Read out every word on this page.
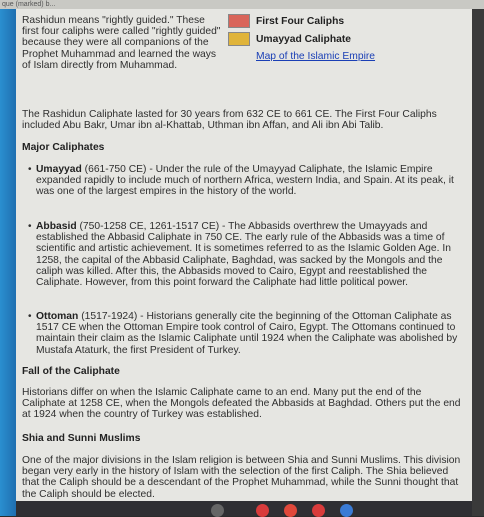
que (marked) b...
Rashidun means "rightly guided." These first four caliphs were called "rightly guided" because they were all companions of the Prophet Muhammad and learned the ways of Islam directly from Muhammad.
First Four Caliphs
Umayyad Caliphate
Map of the Islamic Empire
The Rashidun Caliphate lasted for 30 years from 632 CE to 661 CE. The First Four Caliphs included Abu Bakr, Umar ibn al-Khattab, Uthman ibn Affan, and Ali ibn Abi Talib.
Major Caliphates
• Umayyad (661-750 CE) - Under the rule of the Umayyad Caliphate, the Islamic Empire expanded rapidly to include much of northern Africa, western India, and Spain. At its peak, it was one of the largest empires in the history of the world.
• Abbasid (750-1258 CE, 1261-1517 CE) - The Abbasids overthrew the Umayyads and established the Abbasid Caliphate in 750 CE. The early rule of the Abbasids was a time of scientific and artistic achievement. It is sometimes referred to as the Islamic Golden Age. In 1258, the capital of the Abbasid Caliphate, Baghdad, was sacked by the Mongols and the caliph was killed. After this, the Abbasids moved to Cairo, Egypt and reestablished the Caliphate. However, from this point forward the Caliphate had little political power.
• Ottoman (1517-1924) - Historians generally cite the beginning of the Ottoman Caliphate as 1517 CE when the Ottoman Empire took control of Cairo, Egypt. The Ottomans continued to maintain their claim as the Islamic Caliphate until 1924 when the Caliphate was abolished by Mustafa Ataturk, the first President of Turkey.
Fall of the Caliphate
Historians differ on when the Islamic Caliphate came to an end. Many put the end of the Caliphate at 1258 CE, when the Mongols defeated the Abbasids at Baghdad. Others put the end at 1924 when the country of Turkey was established.
Shia and Sunni Muslims
One of the major divisions in the Islam religion is between Shia and Sunni Muslims. This division began very early in the history of Islam with the selection of the first Caliph. The Shia believed that the Caliph should be a descendant of the Prophet Muhammad, while the Sunni thought that the Caliph should be elected.
